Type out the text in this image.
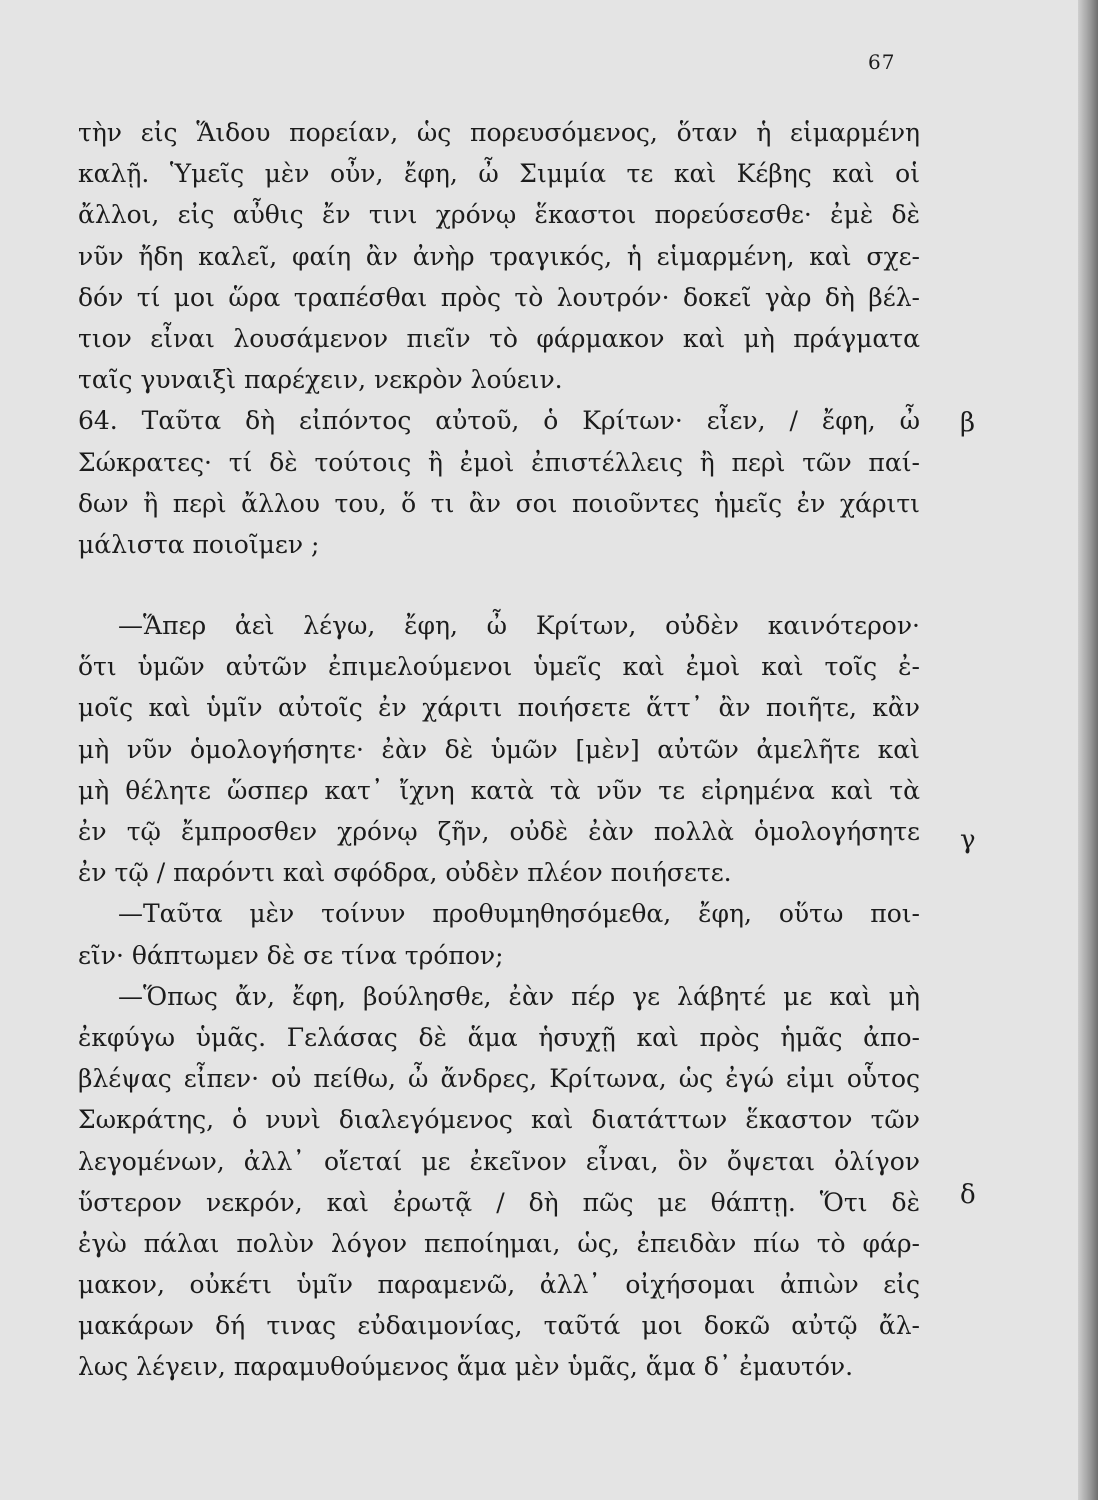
67
τὴν εἰς Ἅιδου πορείαν, ὡς πορευσόμενος, ὅταν ἡ εἱμαρμένη
καλῇ. Ὑμεῖς μὲν οὖν, ἔφη, ὦ Σιμμία τε καὶ Κέβης καὶ οἱ
ἄλλοι, εἰς αὖθις ἔν τινι χρόνῳ ἕκαστοι πορεύσεσθε· ἐμὲ δὲ
νῦν ἤδη καλεῖ, φαίη ἂν ἀνὴρ τραγικός, ἡ εἱμαρμένη, καὶ σχε-
δόν τί μοι ὥρα τραπέσθαι πρὸς τὸ λουτρόν· δοκεῖ γὰρ δὴ βέλ-
τιον εἶναι λουσάμενον πιεῖν τὸ φάρμακον καὶ μὴ πράγματα
ταῖς γυναιξὶ παρέχειν, νεκρὸν λούειν.
64. Ταῦτα δὴ εἰπόντος αὐτοῦ, ὁ Κρίτων· εἶεν, / ἔφη, ὦ
Σώκρατες· τί δὲ τούτοις ἢ ἐμοὶ ἐπιστέλλεις ἢ περὶ τῶν παί-
δων ἢ περὶ ἄλλου του, ὅ τι ἂν σοι ποιοῦντες ἡμεῖς ἐν χάριτι
μάλιστα ποιοῖμεν ;
—Ἅπερ ἀεὶ λέγω, ἔφη, ὦ Κρίτων, οὐδὲν καινότερον·
ὅτι ὑμῶν αὐτῶν ἐπιμελούμενοι ὑμεῖς καὶ ἐμοὶ καὶ τοῖς ἐ-
μοῖς καὶ ὑμῖν αὐτοῖς ἐν χάριτι ποιήσετε ἅττ᾽ ἂν ποιῆτε, κἂν
μὴ νῦν ὁμολογήσητε· ἐὰν δὲ ὑμῶν [μὲν] αὐτῶν ἀμελῆτε καὶ
μὴ θέλητε ὥσπερ κατ᾽ ἴχνη κατὰ τὰ νῦν τε εἰρημένα καὶ τὰ
ἐν τῷ ἔμπροσθεν χρόνῳ ζῆν, οὐδὲ ἐὰν πολλὰ ὁμολογήσητε
ἐν τῷ / παρόντι καὶ σφόδρα, οὐδὲν πλέον ποιήσετε.
—Ταῦτα μὲν τοίνυν προθυμηθησόμεθα, ἔφη, οὕτω ποι-
εῖν· θάπτωμεν δὲ σε τίνα τρόπον;
—Ὅπως ἄν, ἔφη, βούλησθε, ἐὰν πέρ γε λάβητέ με καὶ μὴ
ἐκφύγω ὑμᾶς. Γελάσας δὲ ἅμα ἡσυχῇ καὶ πρὸς ἡμᾶς ἀπο-
βλέψας εἶπεν· οὐ πείθω, ὦ ἄνδρες, Κρίτωνα, ὡς ἐγώ εἰμι οὗτος
Σωκράτης, ὁ νυνὶ διαλεγόμενος καὶ διατάττων ἕκαστον τῶν
λεγομένων, ἀλλ᾽ οἴεταί με ἐκεῖνον εἶναι, ὃν ὄψεται ὀλίγον
ὕστερον νεκρόν, καὶ ἐρωτᾷ / δὴ πῶς με θάπτῃ. Ὅτι δὲ
ἐγὼ πάλαι πολὺν λόγον πεποίημαι, ὡς, ἐπειδὰν πίω τὸ φάρ-
μακον, οὐκέτι ὑμῖν παραμενῶ, ἀλλ᾽ οἰχήσομαι ἀπιὼν εἰς
μακάρων δή τινας εὐδαιμονίας, ταῦτά μοι δοκῶ αὐτῷ ἄλ-
λως λέγειν, παραμυθούμενος ἅμα μὲν ὑμᾶς, ἅμα δ᾽ ἐμαυτόν.
β
γ
δ
